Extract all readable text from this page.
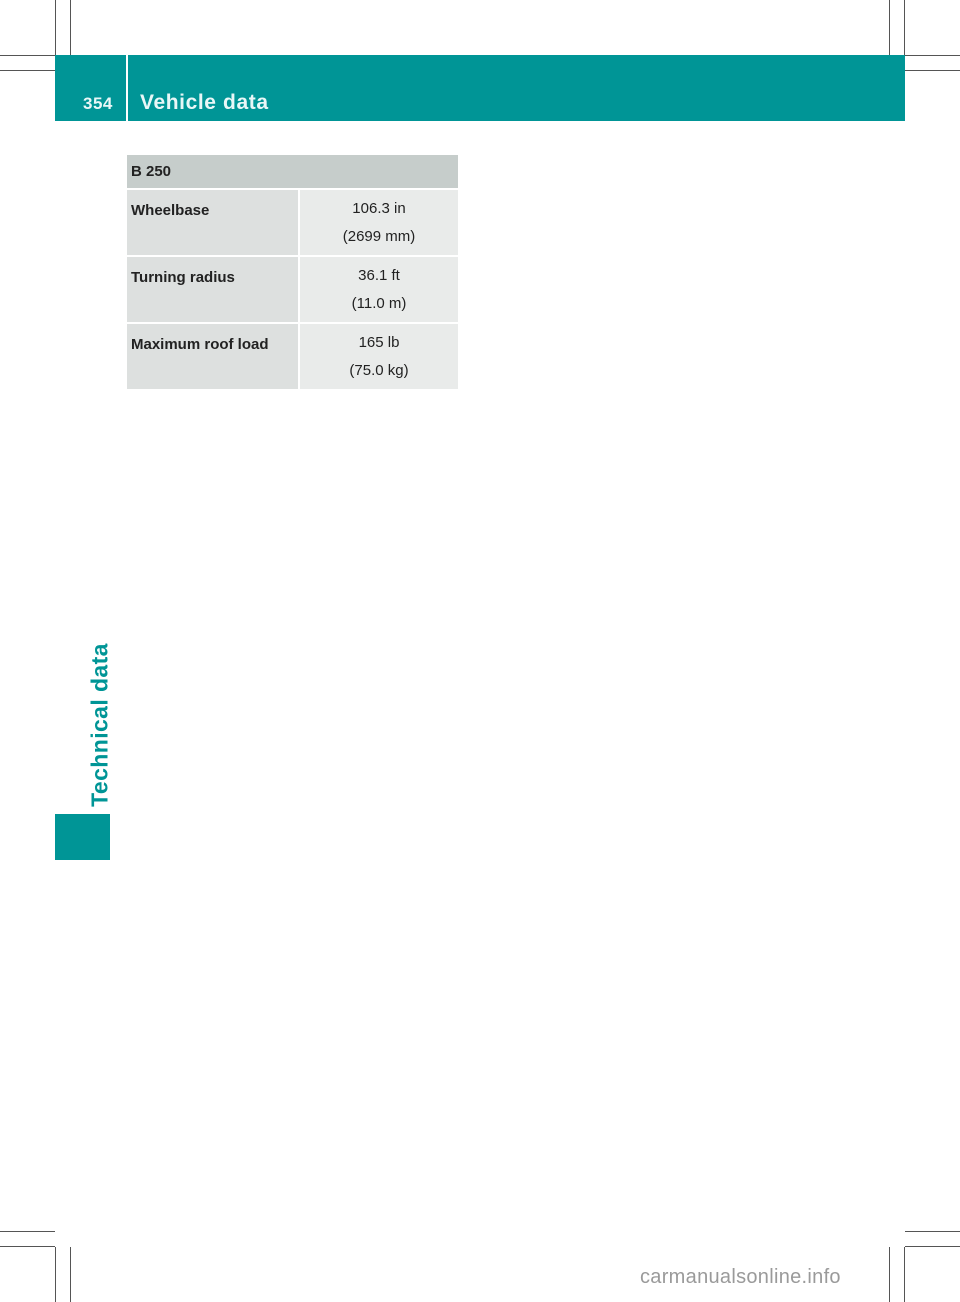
354 Vehicle data
Technical data
B 250	
Wheelbase	106.3 in
(2699 mm)

Turning radius	36.1 ft
(11.0 m)

Maximum roof load	165 lb
(75.0 kg)
carmanualsonline.info
